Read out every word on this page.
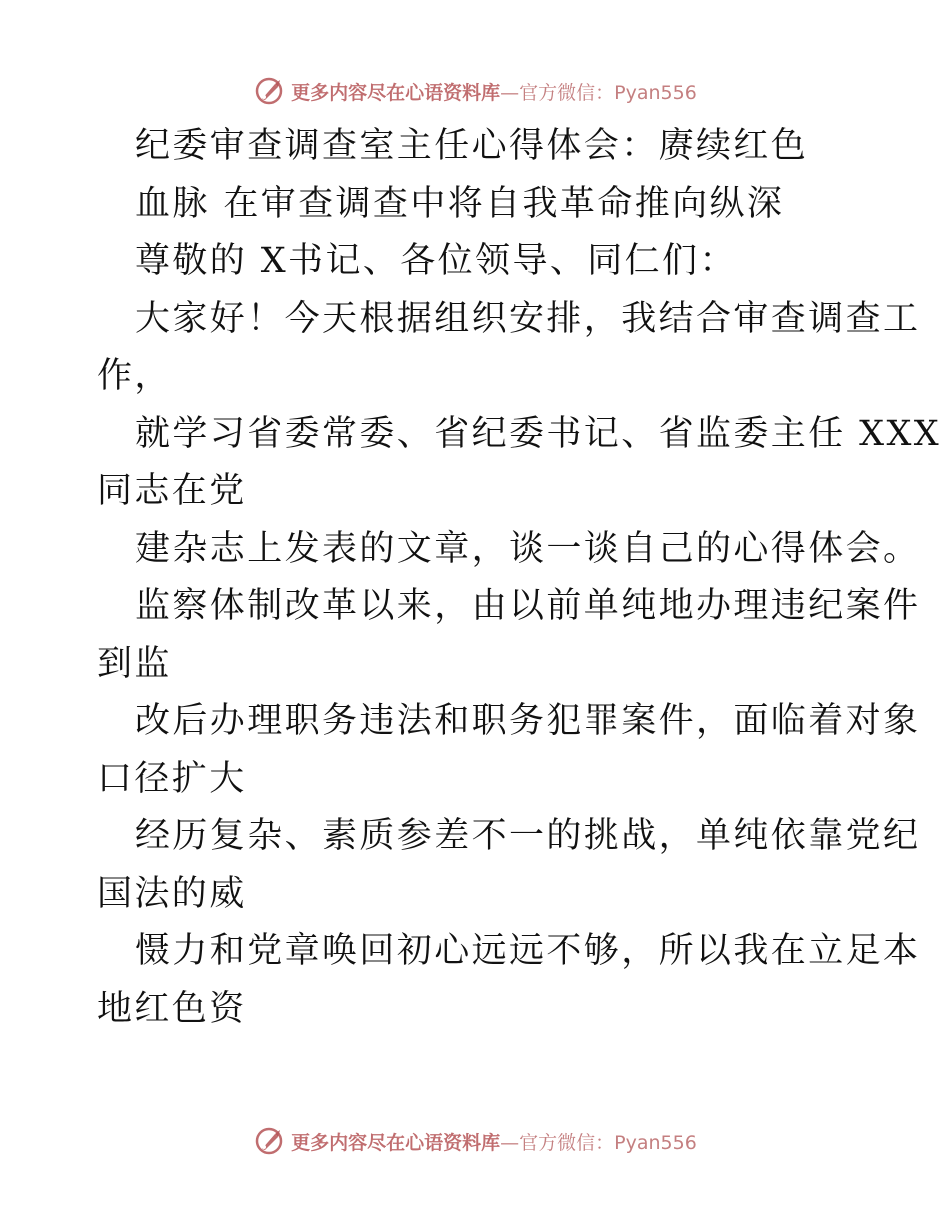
更多内容尽在心语资料库—官方微信：Pyan556
纪委审查调查室主任心得体会：赓续红色
血脉 在审查调查中将自我革命推向纵深
尊敬的 X书记、各位领导、同仁们：
大家好！今天根据组织安排，我结合审查调查工
作，
就学习省委常委、省纪委书记、省监委主任 XXX
同志在党
建杂志上发表的文章，谈一谈自己的心得体会。
监察体制改革以来，由以前单纯地办理违纪案件
到监
改后办理职务违法和职务犯罪案件，面临着对象
口径扩大
经历复杂、素质参差不一的挑战，单纯依靠党纪
国法的威
慑力和党章唤回初心远远不够，所以我在立足本
地红色资
更多内容尽在心语资料库—官方微信：Pyan556
